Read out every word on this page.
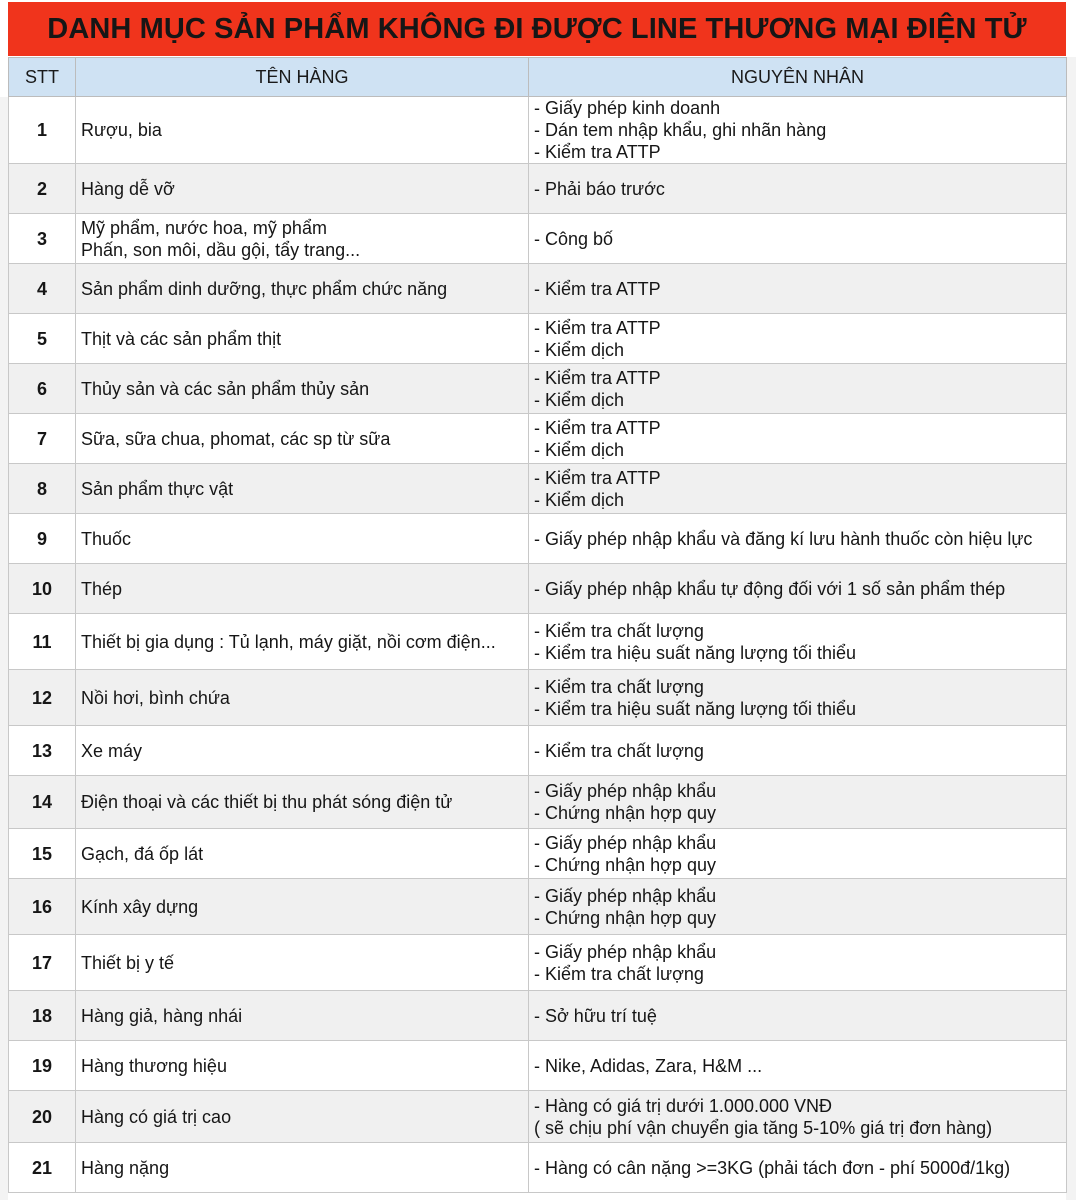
DANH MỤC SẢN PHẨM KHÔNG ĐI ĐƯỢC LINE THƯƠNG MẠI ĐIỆN TỬ
STT	TÊN HÀNG	NGUYÊN NHÂN
1	Rượu, bia	- Giấy phép kinh doanh
- Dán tem nhập khẩu, ghi nhãn hàng
- Kiểm tra ATTP

2	Hàng dễ vỡ	- Phải báo trước

3	Mỹ phẩm, nước hoa, mỹ phẩm
Phấn, son môi, dầu gội, tẩy trang...	- Công bố

4	Sản phẩm dinh dưỡng, thực phẩm chức năng	- Kiểm tra ATTP

5	Thịt và các sản phẩm thịt	- Kiểm tra ATTP
- Kiểm dịch

6	Thủy sản và các sản phẩm thủy sản	- Kiểm tra ATTP
- Kiểm dịch

7	Sữa, sữa chua, phomat, các sp từ sữa	- Kiểm tra ATTP
- Kiểm dịch

8	Sản phẩm thực vật	- Kiểm tra ATTP
- Kiểm dịch

9	Thuốc	- Giấy phép nhập khẩu và đăng kí lưu hành thuốc còn hiệu lực

10	Thép	- Giấy phép nhập khẩu tự động đối với 1 số sản phẩm thép

11	Thiết bị gia dụng : Tủ lạnh, máy giặt, nồi cơm điện...	- Kiểm tra chất lượng
- Kiểm tra hiệu suất năng lượng tối thiểu

12	Nồi hơi, bình chứa	- Kiểm tra chất lượng
- Kiểm tra hiệu suất năng lượng tối thiểu

13	Xe máy	- Kiểm tra chất lượng

14	Điện thoại và các thiết bị thu phát sóng điện tử	- Giấy phép nhập khẩu
- Chứng nhận hợp quy

15	Gạch, đá ốp lát	- Giấy phép nhập khẩu
- Chứng nhận hợp quy

16	Kính xây dựng	- Giấy phép nhập khẩu
- Chứng nhận hợp quy

17	Thiết bị y tế	- Giấy phép nhập khẩu
- Kiểm tra chất lượng

18	Hàng giả, hàng nhái	- Sở hữu trí tuệ

19	Hàng thương hiệu	- Nike, Adidas, Zara, H&M ...

20	Hàng có giá trị cao	- Hàng có giá trị dưới 1.000.000 VNĐ
( sẽ chịu phí vận chuyển gia tăng 5-10% giá trị đơn hàng)

21	Hàng nặng	- Hàng có cân nặng >=3KG (phải tách đơn - phí 5000đ/1kg)
